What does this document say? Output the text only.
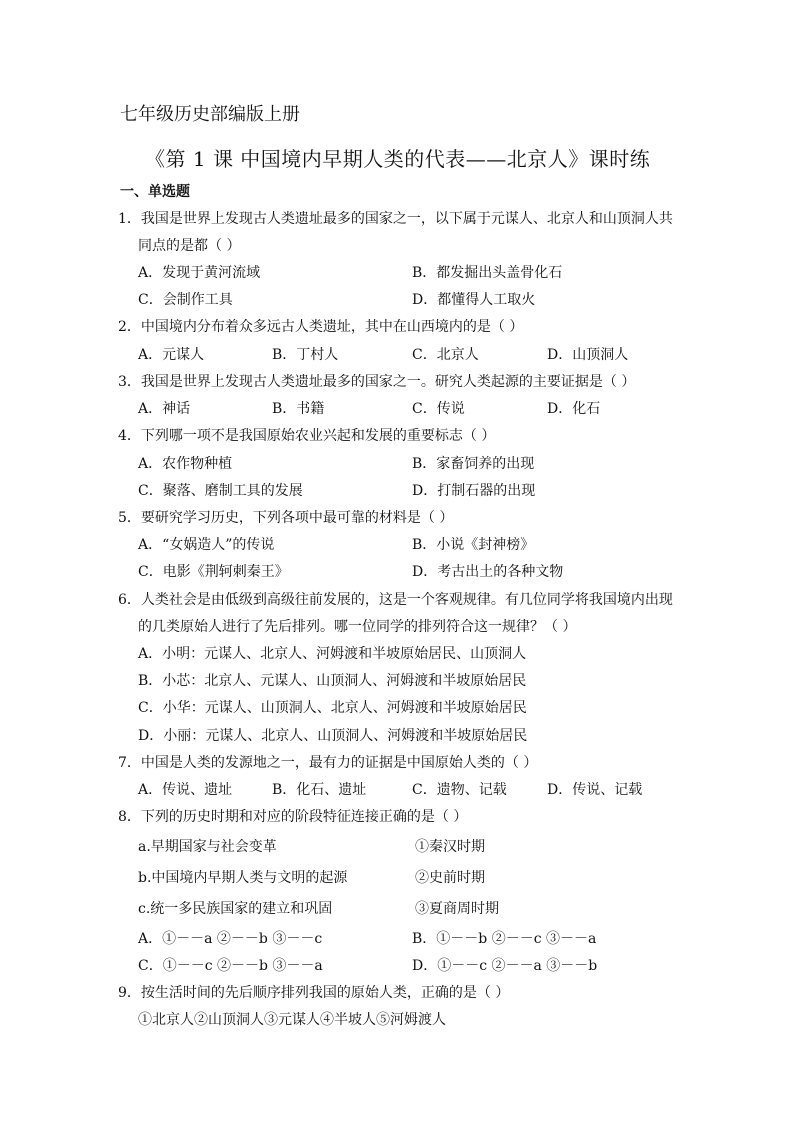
七年级历史部编版上册
《第 1 课 中国境内早期人类的代表——北京人》课时练
一、单选题
1．我国是世界上发现古人类遗址最多的国家之一，以下属于元谋人、北京人和山顶洞人共
同点的是都（ ）
A．发现于黄河流域	B．都发掘出头盖骨化石
C．会制作工具	D．都懂得人工取火
2．中国境内分布着众多远古人类遗址，其中在山西境内的是（ ）
A．元谋人	B．丁村人	C．北京人	D．山顶洞人
3．我国是世界上发现古人类遗址最多的国家之一。研究人类起源的主要证据是（ ）
A．神话	B．书籍	C．传说	D．化石
4．下列哪一项不是我国原始农业兴起和发展的重要标志（ ）
A．农作物种植	B．家畜饲养的出现
C．聚落、磨制工具的发展	D．打制石器的出现
5．要研究学习历史，下列各项中最可靠的材料是（ ）
A．“女娲造人”的传说	B．小说《封神榜》
C．电影《荆轲刺秦王》	D．考古出土的各种文物
6．人类社会是由低级到高级往前发展的，这是一个客观规律。有几位同学将我国境内出现
的几类原始人进行了先后排列。哪一位同学的排列符合这一规律？（ ）
A．小明：元谋人、北京人、河姆渡和半坡原始居民、山顶洞人
B．小芯：北京人、元谋人、山顶洞人、河姆渡和半坡原始居民
C．小华：元谋人、山顶洞人、北京人、河姆渡和半坡原始居民
D．小丽：元谋人、北京人、山顶洞人、河姆渡和半坡原始居民
7．中国是人类的发源地之一，最有力的证据是中国原始人类的（ ）
A．传说、遗址	B．化石、遗址	C．遗物、记载	D．传说、记载
8．下列的历史时期和对应的阶段特征连接正确的是（ ）
a.早期国家与社会变革	①秦汉时期
b.中国境内早期人类与文明的起源	②史前时期
c.统一多民族国家的建立和巩固	③夏商周时期
A．①－－a ②－－b ③－－c	B．①－－b ②－－c ③－－a
C．①－－c ②－－b ③－－a	D．①－－c ②－－a ③－－b
9．按生活时间的先后顺序排列我国的原始人类，正确的是（ ）
①北京人②山顶洞人③元谋人④半坡人⑤河姆渡人
